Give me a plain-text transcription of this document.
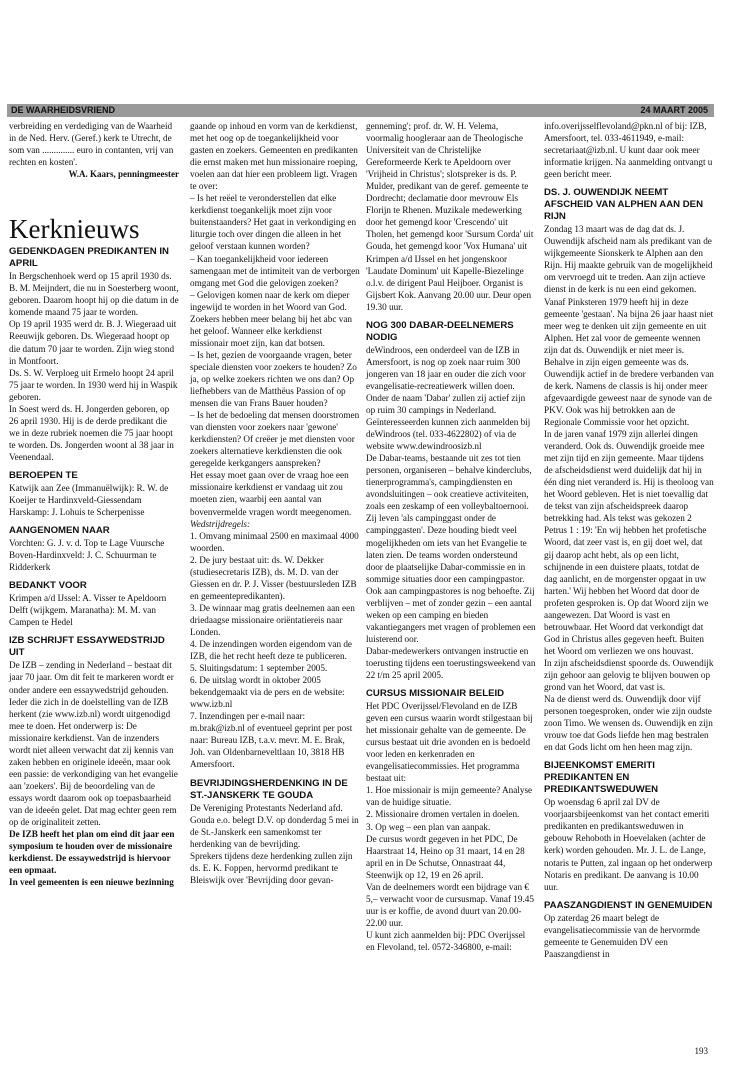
DE WAARHEIDSVRIEND	24 MAART 2005

verbreiding en verdediging van de Waarheid in de Ned. Herv. (Geref.) kerk te Utrecht, de som van .............. euro in contanten, vrij van rechten en kosten'.

W.A. Kaars, penningmeester

Kerknieuws
GEDENKDAGEN PREDIKANTEN IN APRIL

In Bergschenhoek werd op 15 april 1930 ds. B. M. Meijndert, die nu in Soesterberg woont, geboren. Daarom hoopt hij op die datum in de komende maand 75 jaar te worden.

Op 19 april 1935 werd dr. B. J. Wiegeraad uit Reeuwijk geboren. Ds. Wiegeraad hoopt op die datum 70 jaar te worden. Zijn wieg stond in Montfoort.

Ds. S. W. Verploeg uit Ermelo hoopt 24 april 75 jaar te worden. In 1930 werd hij in Waspik geboren.

In Soest werd ds. H. Jongerden geboren, op 26 april 1930. Hij is de derde predikant die we in deze rubriek noemen die 75 jaar hoopt te worden. Ds. Jongerden woont al 38 jaar in Veenendaal.

BEROEPEN TE

Katwijk aan Zee (Immanuëlwijk): R. W. de Koeijer te Hardinxveld-Giessendam

Harskamp: J. Lohuis te Scherpenisse

AANGENOMEN NAAR

Vorchten: G. J. v. d. Top te Lage Vuursche

Boven-Hardinxveld: J. C. Schuurman te Ridderkerk

BEDANKT VOOR

Krimpen a/d IJssel: A. Visser te Apeldoorn

Delft (wijkgem. Maranatha): M. M. van Campen te Hedel

IZB SCHRIJFT ESSAYWEDSTRIJD UIT

De IZB – zending in Nederland – bestaat dit jaar 70 jaar. Om dit feit te markeren wordt er onder andere een essaywedstrijd gehouden. Ieder die zich in de doelstelling van de IZB herkent (zie www.izb.nl) wordt uitgenodigd mee te doen. Het onderwerp is: De missionaire kerkdienst. Van de inzenders wordt niet alleen verwacht dat zij kennis van zaken hebben en originele ideeën, maar ook een passie: de verkondiging van het evangelie aan 'zoekers'. Bij de beoordeling van de essays wordt daarom ook op toepasbaarheid van de ideeën gelet. Dat mag echter geen rem op de originaliteit zetten.

De IZB heeft het plan om eind dit jaar een symposium te houden over de missionaire kerkdienst. De essaywedstrijd is hiervoor een opmaat.

In veel gemeenten is een nieuwe bezinning

gaande op inhoud en vorm van de kerkdienst, met het oog op de toegankelijkheid voor gasten en zoekers. Gemeenten en predikanten die ernst maken met hun missionaire roeping, voelen aan dat hier een probleem ligt. Vragen te over:

– Is het reëel te veronderstellen dat elke kerkdienst toegankelijk moet zijn voor buitenstaanders? Het gaat in verkondiging en liturgie toch over dingen die alleen in het geloof verstaan kunnen worden?

– Kan toegankelijkheid voor iedereen samengaan met de intimiteit van de verborgen omgang met God die gelovigen zoeken?

– Gelovigen komen naar de kerk om dieper ingewijd te worden in het Woord van God. Zoekers hebben meer belang bij het abc van het geloof. Wanneer elke kerkdienst missionair moet zijn, kan dat botsen.

– Is het, gezien de voorgaande vragen, beter speciale diensten voor zoekers te houden? Zo ja, op welke zoekers richten we ons dan? Op liefhebbers van de Matthëus Passion of op mensen die van Frans Bauer houden?

– Is het de bedoeling dat mensen doorstromen van diensten voor zoekers naar 'gewone' kerkdiensten? Of creëer je met diensten voor zoekers alternatieve kerkdiensten die ook geregelde kerkgangers aanspreken?

Het essay moet gaan over de vraag hoe een missionaire kerkdienst er vandaag uit zou moeten zien, waarbij een aantal van bovenvermelde vragen wordt meegenomen.

Wedstrijdregels:

1. Omvang minimaal 2500 en maximaal 4000 woorden.

2. De jury bestaat uit: ds. W. Dekker (studiesecretaris IZB), ds. M. D. van der Giessen en dr. P. J. Visser (bestuursleden IZB en gemeentepredikanten).

3. De winnaar mag gratis deelnemen aan een driedaagse missionaire oriëntatiereis naar Londen.

4. De inzendingen worden eigendom van de IZB, die het recht heeft deze te publiceren.

5. Sluitingsdatum: 1 september 2005.

6. De uitslag wordt in oktober 2005 bekendgemaakt via de pers en de website: www.izb.nl

7. Inzendingen per e-mail naar: m.brak@izb.nl of eventueel geprint per post naar: Bureau IZB, t.a.v. mevr. M. E. Brak, Joh. van Oldenbarneveltlaan 10, 3818 HB Amersfoort.

BEVRIJDINGSHERDENKING IN DE ST.-JANSKERK TE GOUDA

De Vereniging Protestants Nederland afd. Gouda e.o. belegt D.V. op donderdag 5 mei in de St.-Janskerk een samenkomst ter herdenking van de bevrijding.

Sprekers tijdens deze herdenking zullen zijn ds. E. K. Foppen, hervormd predikant te Bleiswijk over 'Bevrijding door gevan-

genneming'; prof. dr. W. H. Velema, voormalig hoogleraar aan de Theologische Universiteit van de Christelijke Gereformeerde Kerk te Apeldoorn over 'Vrijheid in Christus'; slotspreker is ds. P. Mulder, predikant van de geref. gemeente te Dordrecht; declamatie door mevrouw Els Florijn te Rhenen. Muzikale medewerking door het gemengd koor 'Crescendo' uit Tholen, het gemengd koor 'Sursum Corda' uit Gouda, het gemengd koor 'Vox Humana' uit Krimpen a/d IJssel en het jongenskoor 'Laudate Dominum' uit Kapelle-Biezelinge o.l.v. de dirigent Paul Heijboer. Organist is Gijsbert Kok. Aanvang 20.00 uur. Deur open 19.30 uur.

NOG 300 DABAR-DEELNEMERS NODIG

deWindroos, een onderdeel van de IZB in Amersfoort, is nog op zoek naar ruim 300 jongeren van 18 jaar en ouder die zich voor evangelisatie-recreatiewerk willen doen. Onder de naam 'Dabar' zullen zij actief zijn op ruim 30 campings in Nederland. Geïnteresseerden kunnen zich aanmelden bij deWindroos (tel. 033-4622802) of via de website www.dewindroosizb.nl

De Dabar-teams, bestaande uit zes tot tien personen, organiseren – behalve kinderclubs, tienerprogramma's, campingdiensten en avondsluitingen – ook creatieve activiteiten, zoals een zeskamp of een volleybaltoernooi. Zij leven 'als campinggast onder de campinggasten'. Deze houding biedt veel mogelijkheden om iets van het Evangelie te laten zien. De teams worden ondersteund door de plaatselijke Dabar-commissie en in sommige situaties door een campingpastor. Ook aan campingpastores is nog behoefte. Zij verblijven – met of zonder gezin – een aantal weken op een camping en bieden vakantiegangers met vragen of problemen een luisterend oor.

Dabar-medewerkers ontvangen instructie en toerusting tijdens een toerustingsweekend van 22 t/m 25 april 2005.

CURSUS MISSIONAIR BELEID

Het PDC Overijssel/Flevoland en de IZB geven een cursus waarin wordt stilgestaan bij het missionair gehalte van de gemeente. De cursus bestaat uit drie avonden en is bedoeld voor leden en kerkenraden en evangelisatiecommissies. Het programma bestaat uit:

1. Hoe missionair is mijn gemeente? Analyse van de huidige situatie.

2. Missionaire dromen vertalen in doelen.

3. Op weg – een plan van aanpak.

De cursus wordt gegeven in het PDC, De Haarstraat 14, Heino op 31 maart, 14 en 28 april en in De Schutse, Onnastraat 44, Steenwijk op 12, 19 en 26 april.

Van de deelnemers wordt een bijdrage van € 5,– verwacht voor de cursusmap. Vanaf 19.45 uur is er koffie, de avond duurt van 20.00-22.00 uur.

U kunt zich aanmelden bij: PDC Overijssel en Flevoland, tel. 0572-346800, e-mail:

info.overijsselflevoland@pkn.nl of bij: IZB, Amersfoort, tel. 033-4611949, e-mail: secretariaat@izb.nl. U kunt daar ook meer informatie krijgen. Na aanmelding ontvangt u geen bericht meer.

DS. J. OUWENDIJK NEEMT AFSCHEID VAN ALPHEN AAN DEN RIJN

Zondag 13 maart was de dag dat ds. J. Ouwendijk afscheid nam als predikant van de wijkgemeente Sionskerk te Alphen aan den Rijn. Hij maakte gebruik van de mogelijkheid om vervroegd uit te treden. Aan zijn actieve dienst in de kerk is nu een eind gekomen. Vanaf Pinksteren 1979 heeft hij in deze gemeente 'gestaan'. Na bijna 26 jaar haast niet meer weg te denken uit zijn gemeente en uit Alphen. Het zal voor de gemeente wennen zijn dat ds. Ouwendijk er niet meer is. Behalve in zijn eigen gemeente was ds. Ouwendijk actief in de bredere verbanden van de kerk. Namens de classis is hij onder meer afgevaardigde geweest naar de synode van de PKV. Ook was hij betrokken aan de Regionale Commissie voor het opzicht.

In de jaren vanaf 1979 zijn allerlei dingen veranderd. Ook ds. Ouwendijk groeide mee met zijn tijd en zijn gemeente. Maar tijdens de afscheidsdienst werd duidelijk dat hij in één ding niet veranderd is. Hij is theoloog van het Woord gebleven. Het is niet toevallig dat de tekst van zijn afscheidspreek daarop betrekking had. Als tekst was gekozen 2 Petrus 1 : 19: 'En wij hebben het profetische Woord, dat zeer vast is, en gij doet wel, dat gij daarop acht hebt, als op een licht, schijnende in een duistere plaats, totdat de dag aanlicht, en de morgenster opgaat in uw harten.' Wij hebben het Woord dat door de profeten gesproken is. Op dat Woord zijn we aangewezen. Dat Woord is vast en betrouwbaar. Het Woord dat verkondigt dat God in Christus alles gegeven heeft. Buiten het Woord om verliezen we ons houvast.

In zijn afscheidsdienst spoorde ds. Ouwendijk zijn gehoor aan gelovig te blijven bouwen op grond van het Woord, dat vast is.

Na de dienst werd ds. Ouwendijk door vijf personen toegesproken, onder wie zijn oudste zoon Timo. We wensen ds. Ouwendijk en zijn vrouw toe dat Gods liefde hen mag bestralen en dat Gods licht om hen heen mag zijn.

BIJEENKOMST EMERITI PREDIKANTEN EN PREDIKANTSWEDUWEN

Op woensdag 6 april zal DV de voorjaarsbijeenkomst van het contact emeriti predikanten en predikantsweduwen in gebouw Rehoboth in Hoevelaken (achter de kerk) worden gehouden. Mr. J. L. de Lange, notaris te Putten, zal ingaan op het onderwerp Notaris en predikant. De aanvang is 10.00 uur.

PAASZANGDIENST IN GENEMUIDEN

Op zaterdag 26 maart belegt de evangelisatiecommissie van de hervormde gemeente te Genemuiden DV een Paaszangdienst in

193
